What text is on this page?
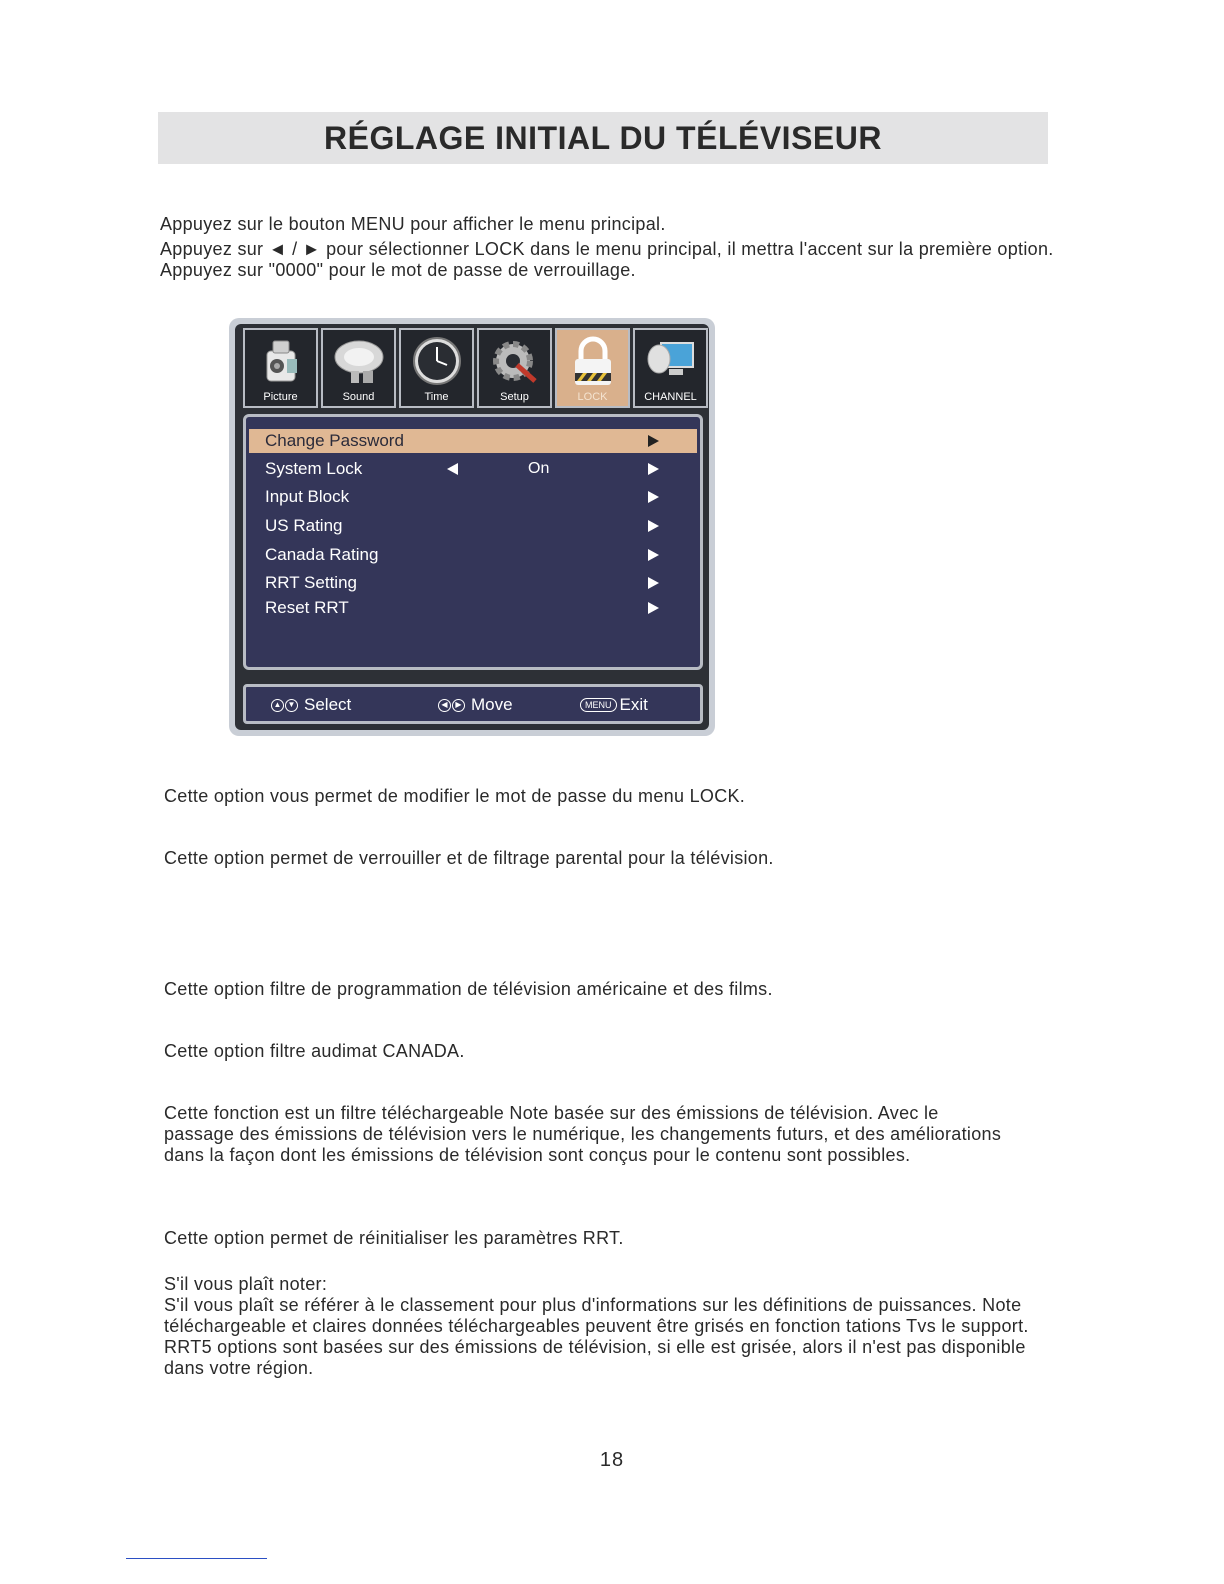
RÉGLAGE INITIAL DU TÉLÉVISEUR
Appuyez sur le bouton MENU pour afficher le menu principal.
Appuyez sur ◄ / ► pour sélectionner LOCK dans le menu principal, il mettra l'accent sur la première option.
Appuyez sur "0000" pour le mot de passe de verrouillage.
Picture	Sound	Time	Setup	LOCK	CHANNEL
Change Password
System Lock	On
Input Block
US Rating
Canada Rating
RRT Setting
Reset RRT
▲ ▼ Select	◀ ▶ Move	MENU Exit

Cette option vous permet de modifier le mot de passe du menu LOCK.

Cette option permet de verrouiller et de filtrage parental pour la télévision.

Cette option filtre de programmation de télévision américaine et des films.

Cette option filtre audimat CANADA.

Cette fonction est un filtre téléchargeable Note basée sur des émissions de télévision. Avec le passage des émissions de télévision vers le numérique, les changements futurs, et des améliorations dans la façon dont les émissions de télévision sont conçus pour le contenu sont possibles.

Cette option permet de réinitialiser les paramètres RRT.

S'il vous plaît noter:
S'il vous plaît se référer à le classement pour plus d'informations sur les définitions de puissances. Note téléchargeable et claires données téléchargeables peuvent être grisés en fonction tations Tvs le support. RRT5 options sont basées sur des émissions de télévision, si elle est grisée, alors il n'est pas disponible dans votre région.
18
